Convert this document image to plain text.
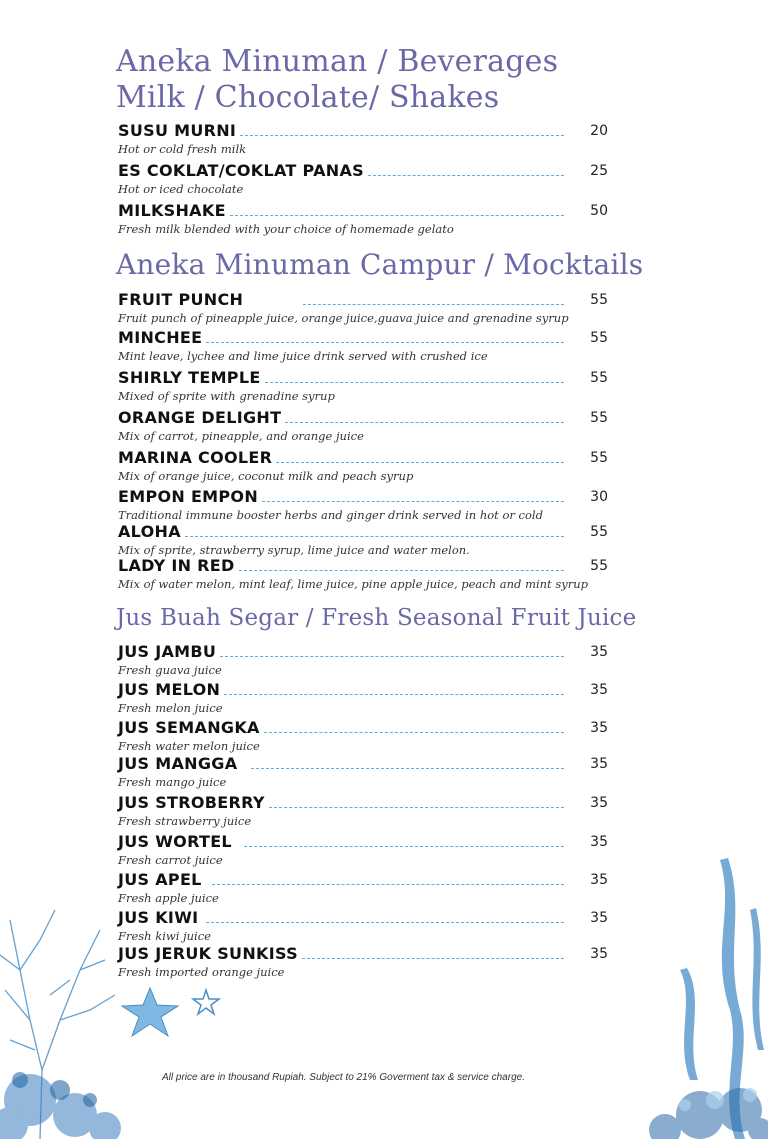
Aneka Minuman / Beverages
Milk / Chocolate/ Shakes
Aneka Minuman Campur / Mocktails
Jus Buah Segar / Fresh Seasonal Fruit Juice
SUSU MURNI	20
Hot or cold fresh milk
ES COKLAT/COKLAT PANAS	25
Hot or iced chocolate
MILKSHAKE	50
Fresh milk blended with your choice of homemade gelato
FRUIT PUNCH	55
Fruit punch of pineapple juice, orange juice,guava juice and grenadine syrup
MINCHEE	55
Mint leave, lychee and lime juice drink served with crushed ice
SHIRLY TEMPLE	55
Mixed of sprite with grenadine syrup
ORANGE DELIGHT	55
Mix of carrot, pineapple, and orange juice
MARINA COOLER	55
Mix of orange juice, coconut milk and peach syrup
EMPON EMPON	30
Traditional immune booster herbs and ginger drink served in hot or cold
ALOHA	55
Mix of sprite, strawberry syrup, lime juice and water melon.
LADY IN RED	55
Mix of water melon, mint leaf, lime juice, pine apple juice, peach and mint syrup
JUS JAMBU	35
Fresh guava juice
JUS MELON	35
Fresh melon juice
JUS SEMANGKA	35
Fresh water melon juice
JUS MANGGA	35
Fresh mango juice
JUS STROBERRY	35
Fresh strawberry juice
JUS WORTEL	35
Fresh carrot juice
JUS APEL	35
Fresh apple juice
JUS KIWI	35
Fresh kiwi juice
JUS JERUK SUNKISS	35
Fresh imported orange juice
All price are in thousand Rupiah. Subject to 21% Goverment tax & service charge.
